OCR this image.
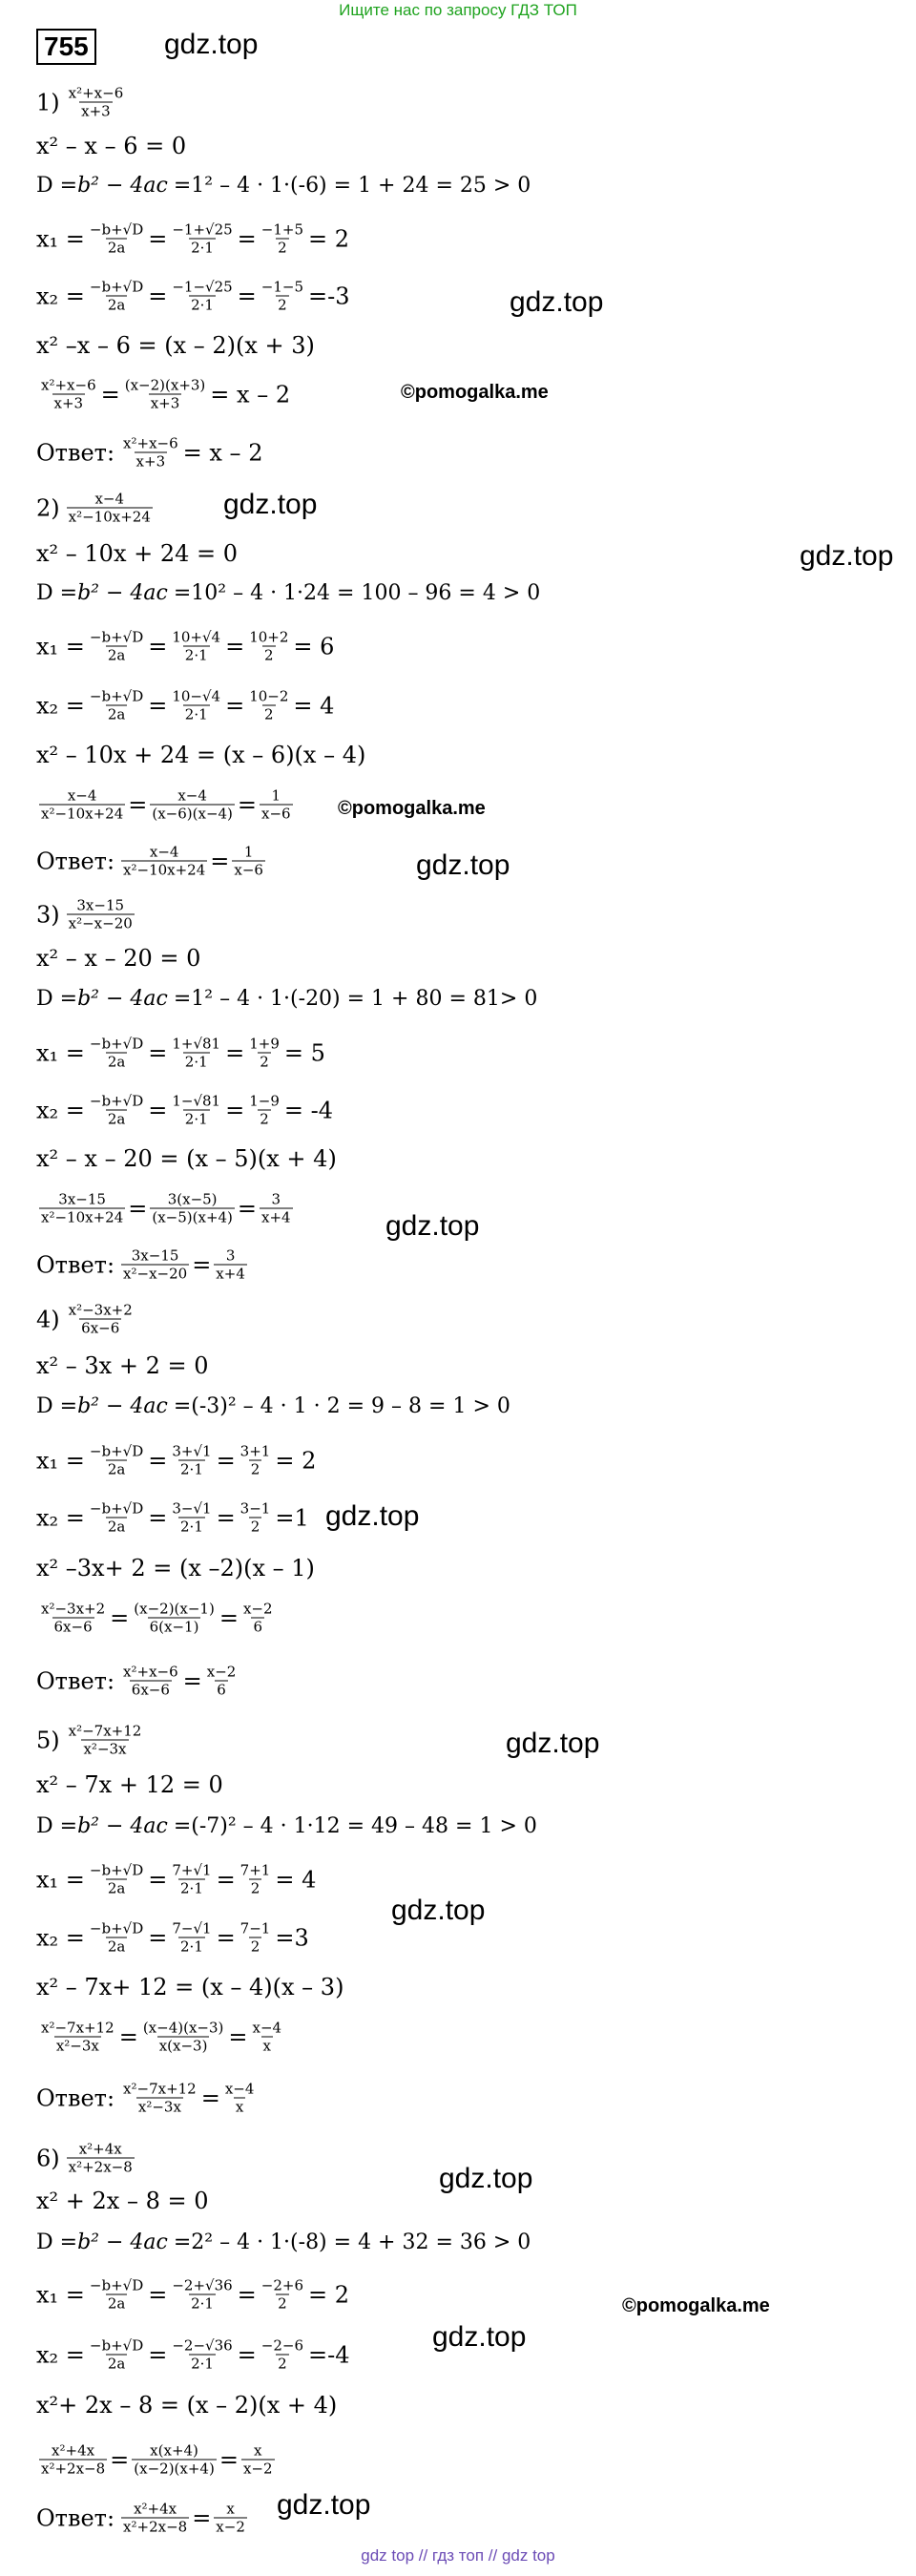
Ищите нас по запросу ГДЗ ТОП
755	gdz.top
gdz.top
gdz.top
gdz.top
gdz.top
gdz.top
gdz.top
gdz.top
gdz.top
gdz.top
gdz.top
gdz.top
©pomogalka.me
©pomogalka.me
©pomogalka.me
1) x²+x−6
x+3
x² – x – 6 = 0
D = b² − 4ac =1² – 4 · 1·(-6) = 1 + 24 = 25 > 0
$x_1 = \frac{-b+√D}{2a} = \frac{-1+√25}{2\cdot 1} = \frac{-1+5}{2} = 2$
$x_2 = \frac{-b+√D}{2a} = \frac{-1-√25}{2\cdot 1} = \frac{-1-5}{2} =-3$
x² –x – 6 = (x – 2)(x + 3)
$\frac{\text{x²+x−6}}{x+3} = \frac{(x-2)(x+3)}{x+3} = x - 2$
Ответ: $\frac{\text{x²+x−6}}{x+3} = x - 2$
2) x−4
x²−10x+24
x² – 10x + 24 = 0
D = b² − 4ac =10² – 4 · 1·24 = 100 – 96 = 4 > 0
$x_1 = \frac{-b+√D}{2a} = \frac{10+√4}{2\cdot 1} = \frac{10+2}{2} = 6$
$x_2 = \frac{-b+√D}{2a} = \frac{10-√4}{2\cdot 1} = \frac{10-2}{2} = 4$
x² – 10x + 24 = (x – 6)(x – 4)
$\frac{x-4}{\text{x²−10x+24}} = \frac{x-4}{(x-6)(x-4)} = \frac{1}{x-6}$
Ответ: $\frac{x-4}{\text{x²−10x+24}} = \frac{1}{x-6}$
3) 3x−15
x²−x−20
x² – x – 20 = 0
D = b² − 4ac =1² – 4 · 1·(-20) = 1 + 80 = 81> 0
$x_1 = \frac{-b+√D}{2a} = \frac{1+√81}{2\cdot 1} = \frac{1+9}{2} = 5$
$x_2 = \frac{-b+√D}{2a} = \frac{1-√81}{2\cdot 1} = \frac{1-9}{2} = -4$
x² – x – 20 = (x – 5)(x + 4)
$\frac{3x-15}{\text{x²−10x+24}} = \frac{3(x-5)}{(x-5)(x+4)} = \frac{3}{x+4}$
Ответ: $\frac{3x-15}{\text{x²−x−20}} = \frac{3}{x+4}$
4) x²−3x+2
6x−6
x² – 3x + 2 = 0
D = b² − 4ac =(-3)² – 4 · 1 · 2 = 9 – 8 = 1 > 0
$x_1 = \frac{-b+√D}{2a} = \frac{3+√1}{2\cdot 1} = \frac{3+1}{2} = 2$
$x_2 = \frac{-b+√D}{2a} = \frac{3-√1}{2\cdot 1} = \frac{3-1}{2} =1$
x² –3x+ 2 = (x –2)(x – 1)
$\frac{\text{x²−3x+2}}{6x-6} = \frac{(x-2)(x-1)}{6(x-1)} = \frac{x-2}{6}$
Ответ: $\frac{\text{x²+x−6}}{6x-6} = \frac{x-2}{6}$
5) x²−7x+12
x²−3x
x² – 7x + 12 = 0
D = b² − 4ac =(-7)² – 4 · 1·12 = 49 – 48 = 1 > 0
$x_1 = \frac{-b+√D}{2a} = \frac{7+√1}{2\cdot 1} = \frac{7+1}{2} = 4$
$x_2 = \frac{-b+√D}{2a} = \frac{7-√1}{2\cdot 1} = \frac{7-1}{2} =3$
x² – 7x+ 12 = (x – 4)(x – 3)
$\frac{\text{x²−7x+12}}{\text{x²−3x}} = \frac{(x-4)(x-3)}{x(x-3)} = \frac{x-4}{x}$
Ответ: $\frac{\text{x²−7x+12}}{\text{x²−3x}} = \frac{x-4}{x}$
6) x²+4x
x²+2x−8
x² + 2x – 8 = 0
D = b² − 4ac =2² – 4 · 1·(-8) = 4 + 32 = 36 > 0
$x_1 = \frac{-b+√D}{2a} = \frac{-2+√36}{2\cdot 1} = \frac{-2+6}{2} = 2$
$x_2 = \frac{-b+√D}{2a} = \frac{-2-√36}{2\cdot 1} = \frac{-2-6}{2} =-4$
x²+ 2x – 8 = (x – 2)(x + 4)
$\frac{\text{x²+4x}}{\text{x²+2x−8}} = \frac{x(x+4)}{(x-2)(x+4)} = \frac{x}{x-2}$
Ответ: $\frac{\text{x²+4x}}{\text{x²+2x−8}} = \frac{x}{x-2}$
gdz top // гдз топ // gdz top
